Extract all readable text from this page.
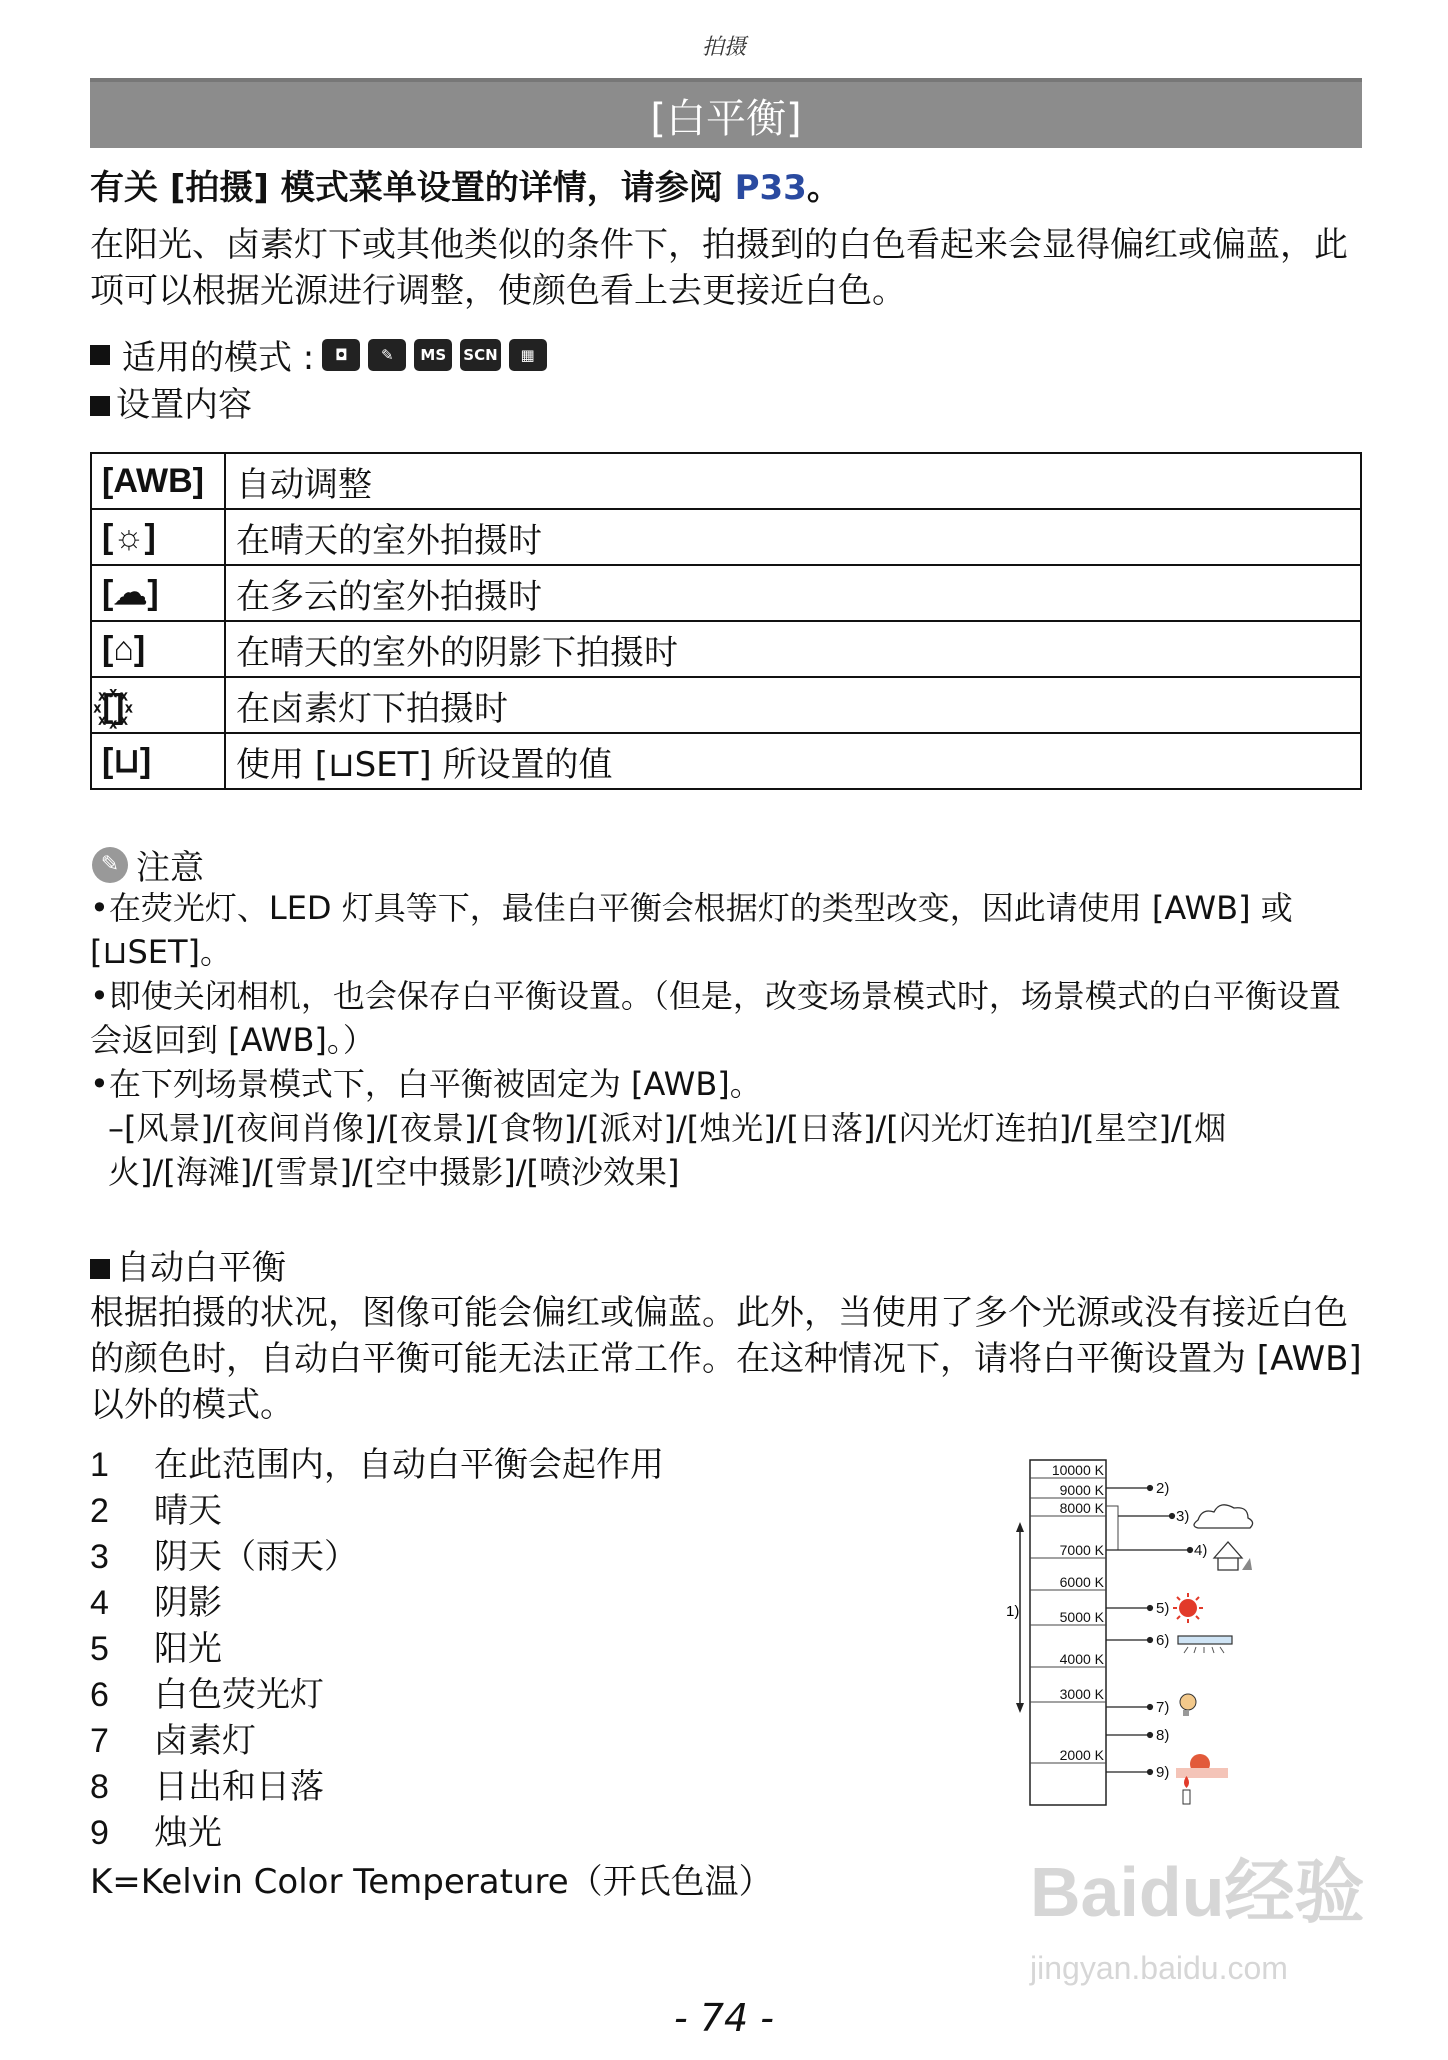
拍摄
[白平衡]
有关 [拍摄] 模式菜单设置的详情，请参阅 P33。
在阳光、卤素灯下或其他类似的条件下，拍摄到的白色看起来会显得偏红或偏蓝，此项可以根据光源进行调整，使颜色看上去更接近白色。
适用的模式 :	◘	✎	MS	SCN	▦
设置内容
[AWB]	自动调整
[☼]	在晴天的室外拍摄时
[☁]	在多云的室外拍摄时
[⌂]	在晴天的室外的阴影下拍摄时
[꙰]	在卤素灯下拍摄时
[⊔]	使用 [⊔SET] 所设置的值
✎ 注意
•在荧光灯、LED 灯具等下，最佳白平衡会根据灯的类型改变，因此请使用 [AWB] 或 [⊔SET]。
•即使关闭相机，也会保存白平衡设置。（但是，改变场景模式时，场景模式的白平衡设置会返回到 [AWB]。）
•在下列场景模式下，白平衡被固定为 [AWB]。
–[风景]/[夜间肖像]/[夜景]/[食物]/[派对]/[烛光]/[日落]/[闪光灯连拍]/[星空]/[烟火]/[海滩]/[雪景]/[空中摄影]/[喷沙效果]
自动白平衡
根据拍摄的状况，图像可能会偏红或偏蓝。此外，当使用了多个光源或没有接近白色的颜色时，自动白平衡可能无法正常工作。在这种情况下，请将白平衡设置为 [AWB] 以外的模式。
1	在此范围内，自动白平衡会起作用
2	晴天
3	阴天（雨天）
4	阴影
5	阳光
6	白色荧光灯
7	卤素灯
8	日出和日落
9	烛光
K=Kelvin Color Temperature（开氏色温）
10000 K
9000 K
8000 K
7000 K
6000 K
5000 K
4000 K
3000 K
2000 K
1)
2)
3)
4)
5)
6)
7)
8)
9)
Baidu经验
jingyan.baidu.com
- 74 -
